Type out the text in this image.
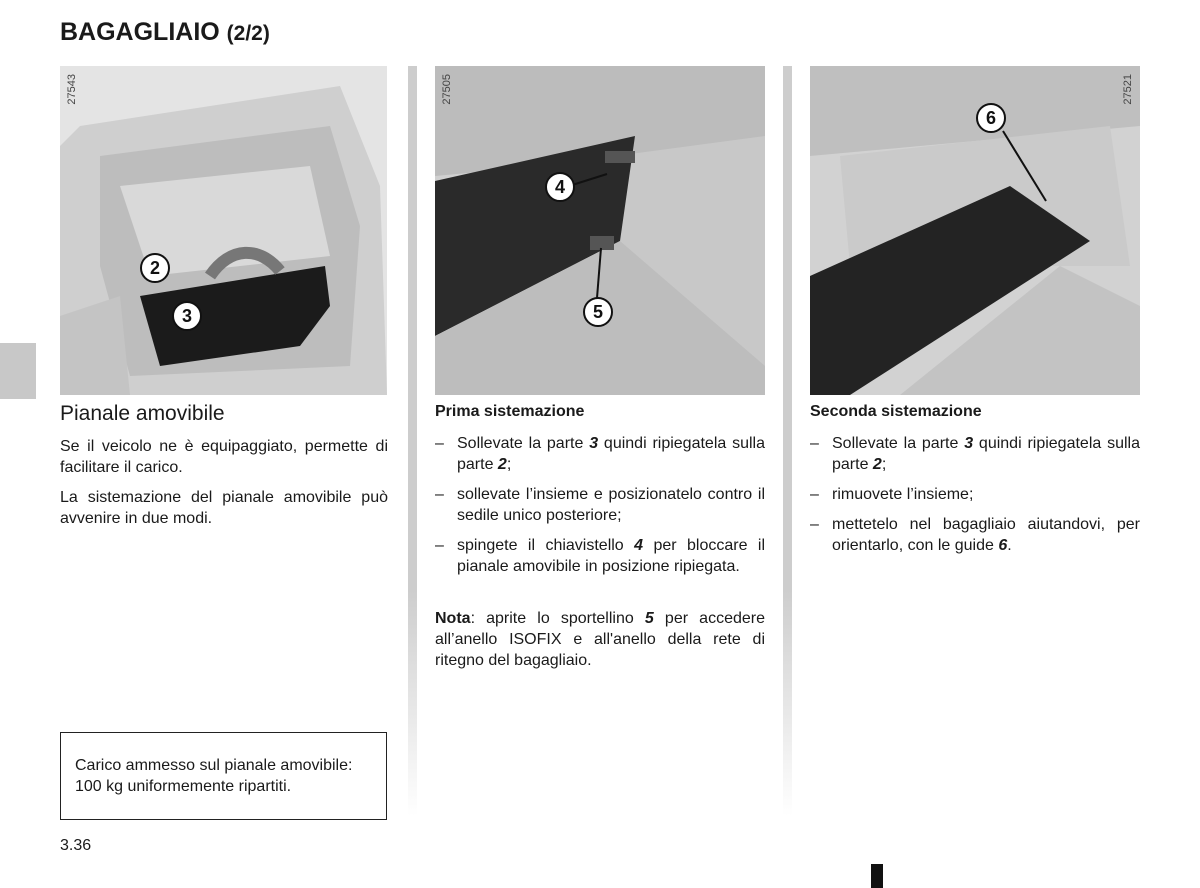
BAGAGLIAIO (2/2)
27543
2
3
27505
4
5
27521
6
Pianale amovibile
Se il veicolo ne è equipaggiato, permette di facilitare il carico.
La sistemazione del pianale amovibile può avvenire in due modi.
Carico ammesso sul pianale amovibile: 100 kg uniformemente ripartiti.
Prima sistemazione
– Sollevate la parte 3 quindi ripiegatela sulla parte 2;
– sollevate l’insieme e posizionatelo contro il sedile unico posteriore;
– spingete il chiavistello 4 per bloccare il pianale amovibile in posizione ripiegata.
Nota: aprite lo sportellino 5 per accedere all’anello ISOFIX e all'anello della rete di ritegno del bagagliaio.
Seconda sistemazione
– Sollevate la parte 3 quindi ripiegatela sulla parte 2;
– rimuovete l’insieme;
– mettetelo nel bagagliaio aiutandovi, per orientarlo, con le guide 6.
3.36
